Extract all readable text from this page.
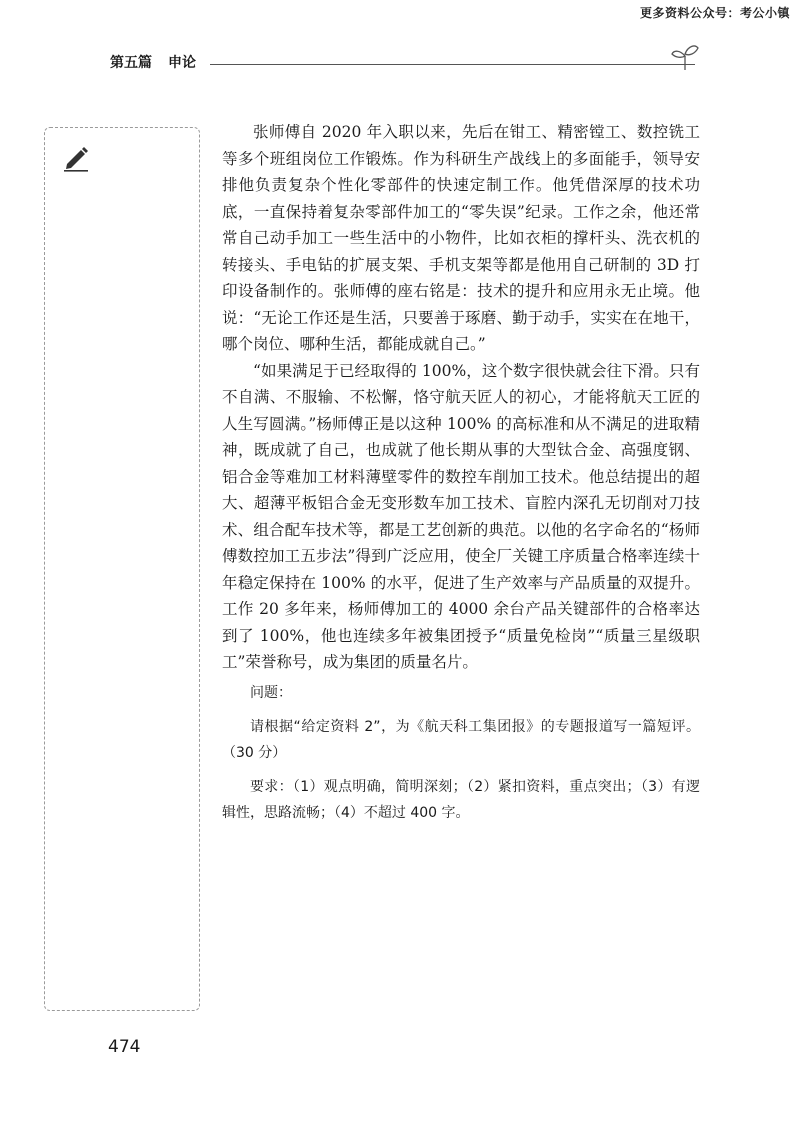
更多资料公众号：考公小镇
第五篇 申论

张师傅自 2020 年入职以来，先后在钳工、精密镗工、数控铣工等多个班组岗位工作锻炼。作为科研生产战线上的多面能手，领导安排他负责复杂个性化零部件的快速定制工作。他凭借深厚的技术功底，一直保持着复杂零部件加工的“零失误”纪录。工作之余，他还常常自己动手加工一些生活中的小物件，比如衣柜的撑杆头、洗衣机的转接头、手电钻的扩展支架、手机支架等都是他用自己研制的 3D 打印设备制作的。张师傅的座右铭是：技术的提升和应用永无止境。他说：“无论工作还是生活，只要善于琢磨、勤于动手，实实在在地干，哪个岗位、哪种生活，都能成就自己。”

“如果满足于已经取得的 100%，这个数字很快就会往下滑。只有不自满、不服输、不松懈，恪守航天匠人的初心，才能将航天工匠的人生写圆满。”杨师傅正是以这种 100% 的高标准和从不满足的进取精神，既成就了自己，也成就了他长期从事的大型钛合金、高强度钢、铝合金等难加工材料薄壁零件的数控车削加工技术。他总结提出的超大、超薄平板铝合金无变形数车加工技术、盲腔内深孔无切削对刀技术、组合配车技术等，都是工艺创新的典范。以他的名字命名的“杨师傅数控加工五步法”得到广泛应用，使全厂关键工序质量合格率连续十年稳定保持在 100% 的水平，促进了生产效率与产品质量的双提升。工作 20 多年来，杨师傅加工的 4000 余台产品关键部件的合格率达到了 100%，他也连续多年被集团授予“质量免检岗”“质量三星级职工”荣誉称号，成为集团的质量名片。

问题：

请根据“给定资料 2”，为《航天科工集团报》的专题报道写一篇短评。（30 分）

要求：（1）观点明确，简明深刻；（2）紧扣资料，重点突出；（3）有逻辑性，思路流畅；（4）不超过 400 字。

474
